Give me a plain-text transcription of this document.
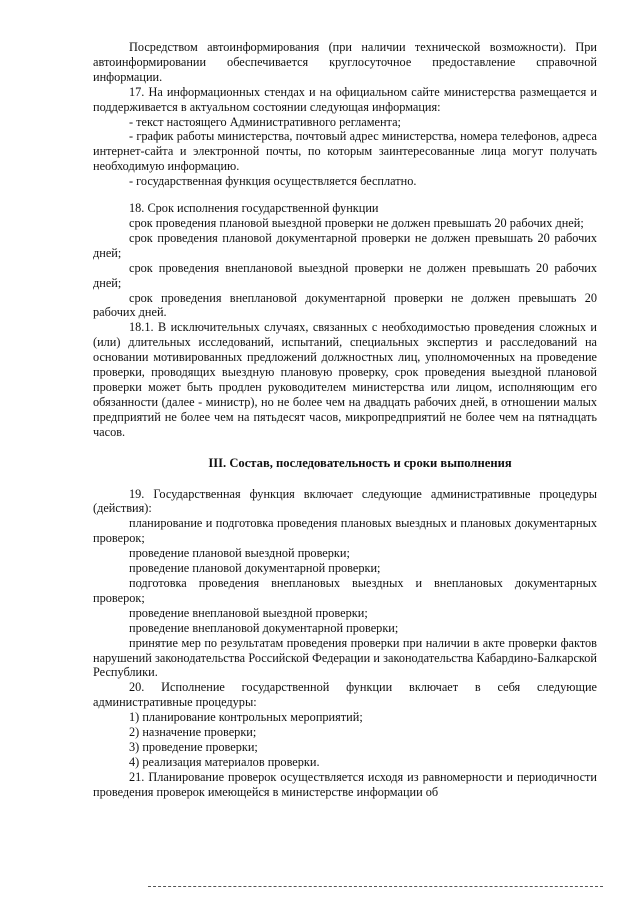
Посредством автоинформирования (при наличии технической возможности). При автоинформировании обеспечивается круглосуточное предоставление справочной информации.

17. На информационных стендах и на официальном сайте министерства размещается и поддерживается в актуальном состоянии следующая информация:

- текст настоящего Административного регламента;

- график работы министерства, почтовый адрес министерства, номера телефонов, адреса интернет-сайта и электронной почты, по которым заинтересованные лица могут получать необходимую информацию.

- государственная функция осуществляется бесплатно.

18. Срок исполнения государственной функции

срок проведения плановой выездной проверки не должен превышать 20 рабочих дней;

срок проведения плановой документарной проверки не должен превышать 20 рабочих дней;

срок проведения внеплановой выездной проверки не должен превышать 20 рабочих дней;

срок проведения внеплановой документарной проверки не должен превышать 20 рабочих дней.

18.1. В исключительных случаях, связанных с необходимостью проведения сложных и (или) длительных исследований, испытаний, специальных экспертиз и расследований на основании мотивированных предложений должностных лиц, уполномоченных на проведение проверки, проводящих выездную плановую проверку, срок проведения выездной плановой проверки может быть продлен руководителем министерства или лицом, исполняющим его обязанности (далее - министр), но не более чем на двадцать рабочих дней, в отношении малых предприятий не более чем на пятьдесят часов, микропредприятий не более чем на пятнадцать часов.

III. Состав, последовательность и сроки выполнения

19. Государственная функция включает следующие административные процедуры (действия):

планирование и подготовка проведения плановых выездных и плановых документарных проверок;

проведение плановой выездной проверки;

проведение плановой документарной проверки;

подготовка проведения внеплановых выездных и внеплановых документарных проверок;

проведение внеплановой выездной проверки;

проведение внеплановой документарной проверки;

принятие мер по результатам проведения проверки при наличии в акте проверки фактов нарушений законодательства Российской Федерации и законодательства Кабардино-Балкарской Республики.

20. Исполнение государственной функции включает в себя следующие административные процедуры:

1) планирование контрольных мероприятий;

2) назначение проверки;

3) проведение проверки;

4) реализация материалов проверки.

21. Планирование проверок осуществляется исходя из равномерности и периодичности проведения проверок имеющейся в министерстве информации об
